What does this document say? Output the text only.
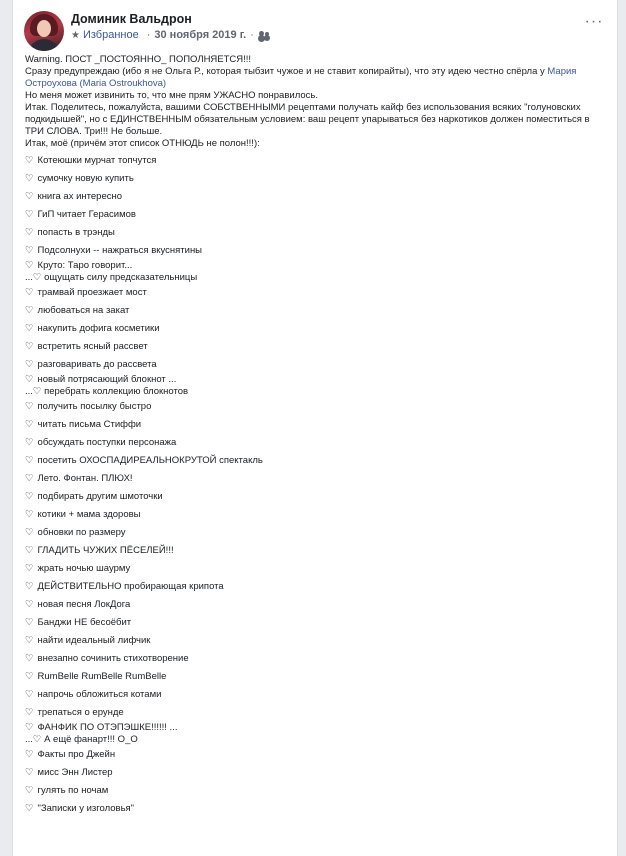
Доминик Вальдрон
★ Избранное · 30 ноября 2019 г. ·
···

Warning. ПОСТ _ПОСТОЯННО_ ПОПОЛНЯЕТСЯ!!!

Сразу предупреждаю (ибо я не Ольга Р., которая тыбзит чужое и не ставит копирайты), что эту идею честно спёрла у Мария Остроухова (Maria Ostroukhova)

Но меня может извинить то, что мне прям УЖАСНО понравилось.

Итак. Поделитесь, пожалуйста, вашими СОБСТВЕННЫМИ рецептами получать кайф без использования всяких "голуновских подкидышей", но с ЕДИНСТВЕННЫМ обязательным условием: ваш рецепт упарываться без наркотиков должен поместиться в ТРИ СЛОВА. Три!!! Не больше.

Итак, моё (причём этот список ОТНЮДЬ не полон!!!):

♡ Котеюшки мурчат топчутся
♡ сумочку новую купить
♡ книга ах интересно
♡ ГиП читает Герасимов
♡ попасть в трэнды
♡ Подсолнухи -- нажраться вкуснятины
♡ Круто: Таро говорит...
...♡ ощущать силу предсказательницы
♡ трамвай проезжает мост
♡ любоваться на закат
♡ накупить дофига косметики
♡ встретить ясный рассвет
♡ разговаривать до рассвета
♡ новый потрясающий блокнот ...
...♡ перебрать коллекцию блокнотов
♡ получить посылку быстро
♡ читать письма Стиффи
♡ обсуждать поступки персонажа
♡ посетить ОХОСПАДИРЕАЛЬНОКРУТОЙ спектакль
♡ Лето. Фонтан. ПЛЮХ!
♡ подбирать другим шмоточки
♡ котики + мама здоровы
♡ обновки по размеру
♡ ГЛАДИТЬ ЧУЖИХ ПЁСЕЛЕЙ!!!
♡ жрать ночью шаурму
♡ ДЕЙСТВИТЕЛЬНО пробирающая крипота
♡ новая песня ЛокДога
♡ Банджи НЕ бесоёбит
♡ найти идеальный лифчик
♡ внезапно сочинить стихотворение
♡ RumBelle RumBelle RumBelle
♡ напрочь обложиться котами
♡ трепаться о ерунде
♡ ФАНФИК ПО ОТЭПЭШКЕ!!!!!! ...
...♡ А ещё фанарт!!! О_О
♡ Факты про Джейн
♡ мисс Энн Листер
♡ гулять по ночам
♡ "Записки у изголовья"
